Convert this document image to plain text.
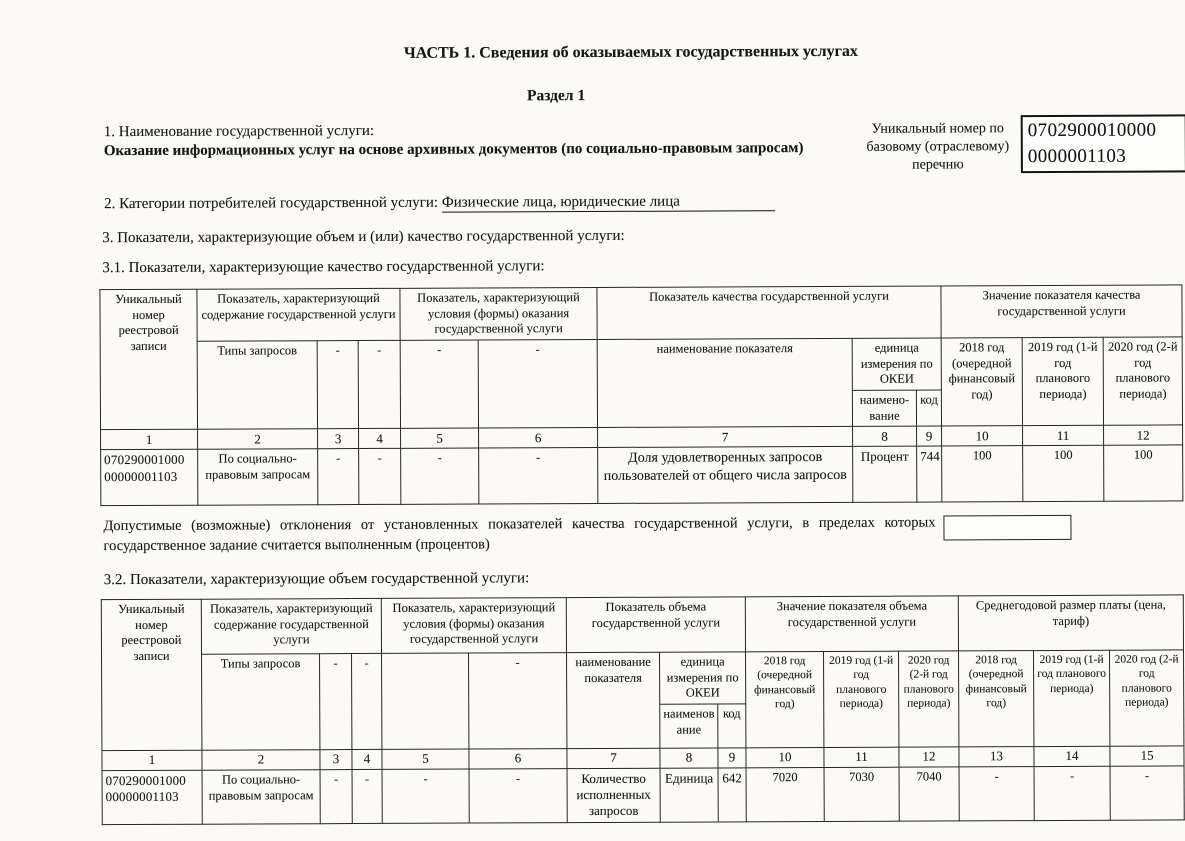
ЧАСТЬ 1. Сведения об оказываемых государственных услугах
Раздел 1
1. Наименование государственной услуги:
Оказание информационных услуг на основе архивных документов (по социально-правовым запросам)
2. Категории потребителей государственной услуги: Физические лица, юридические лица
Уникальный номер по базовому (отраслевому) перечню
0702900010000
0000001103
3. Показатели, характеризующие объем и (или) качество государственной услуги:
3.1. Показатели, характеризующие качество государственной услуги:
Уникальный номер реестровой записи	Показатель, характеризующий содержание государственной услуги			Показатель, характеризующий условия (формы) оказания государственной услуги		Показатель качества государственной услуги			Значение показателя качества государственной услуги		
	Типы запросов	-	-	-	-	наименование показателя	единица измерения по ОКЕИ		2018 год (очередной финансовый год)	2019 год (1-й год планового периода)	2020 год (2-й год планового периода)
							наимено-вание	код			
1	2	3	4	5	6	7	8	9	10	11	12

070290001000
00000001103	По социально-правовым запросам	-	-	-	-	Доля удовлетворенных запросов пользователей от общего числа запросов	Процент	744	100	100	100
Допустимые (возможные) отклонения от установленных показателей качества государственной услуги, в пределах которых государственное задание считается выполненным (процентов)
3.2. Показатели, характеризующие объем государственной услуги:
Уникальный номер реестровой записи	Показатель, характеризующий содержание государственной услуги			Показатель, характеризующий условия (формы) оказания государственной услуги		Показатель объема государственной услуги			Значение показателя объема государственной услуги			Среднегодовой размер платы (цена, тариф)		
	Типы запросов	-	-		-	наименование показателя	единица измерения по ОКЕИ		2018 год (очередной финансовый год)	2019 год (1-й год планового периода)	2020 год (2-й год планового периода)	2018 год (очередной финансовый год)	2019 год (1-й год планового периода)	2020 год (2-й год планового периода)
							наименов ание	код						
1	2	3	4	5	6	7	8	9	10	11	12	13	14	15

070290001000
00000001103	По социально-правовым запросам	-	-	-	-	Количество исполненных запросов	Единица	642	7020	7030	7040	-	-	-
